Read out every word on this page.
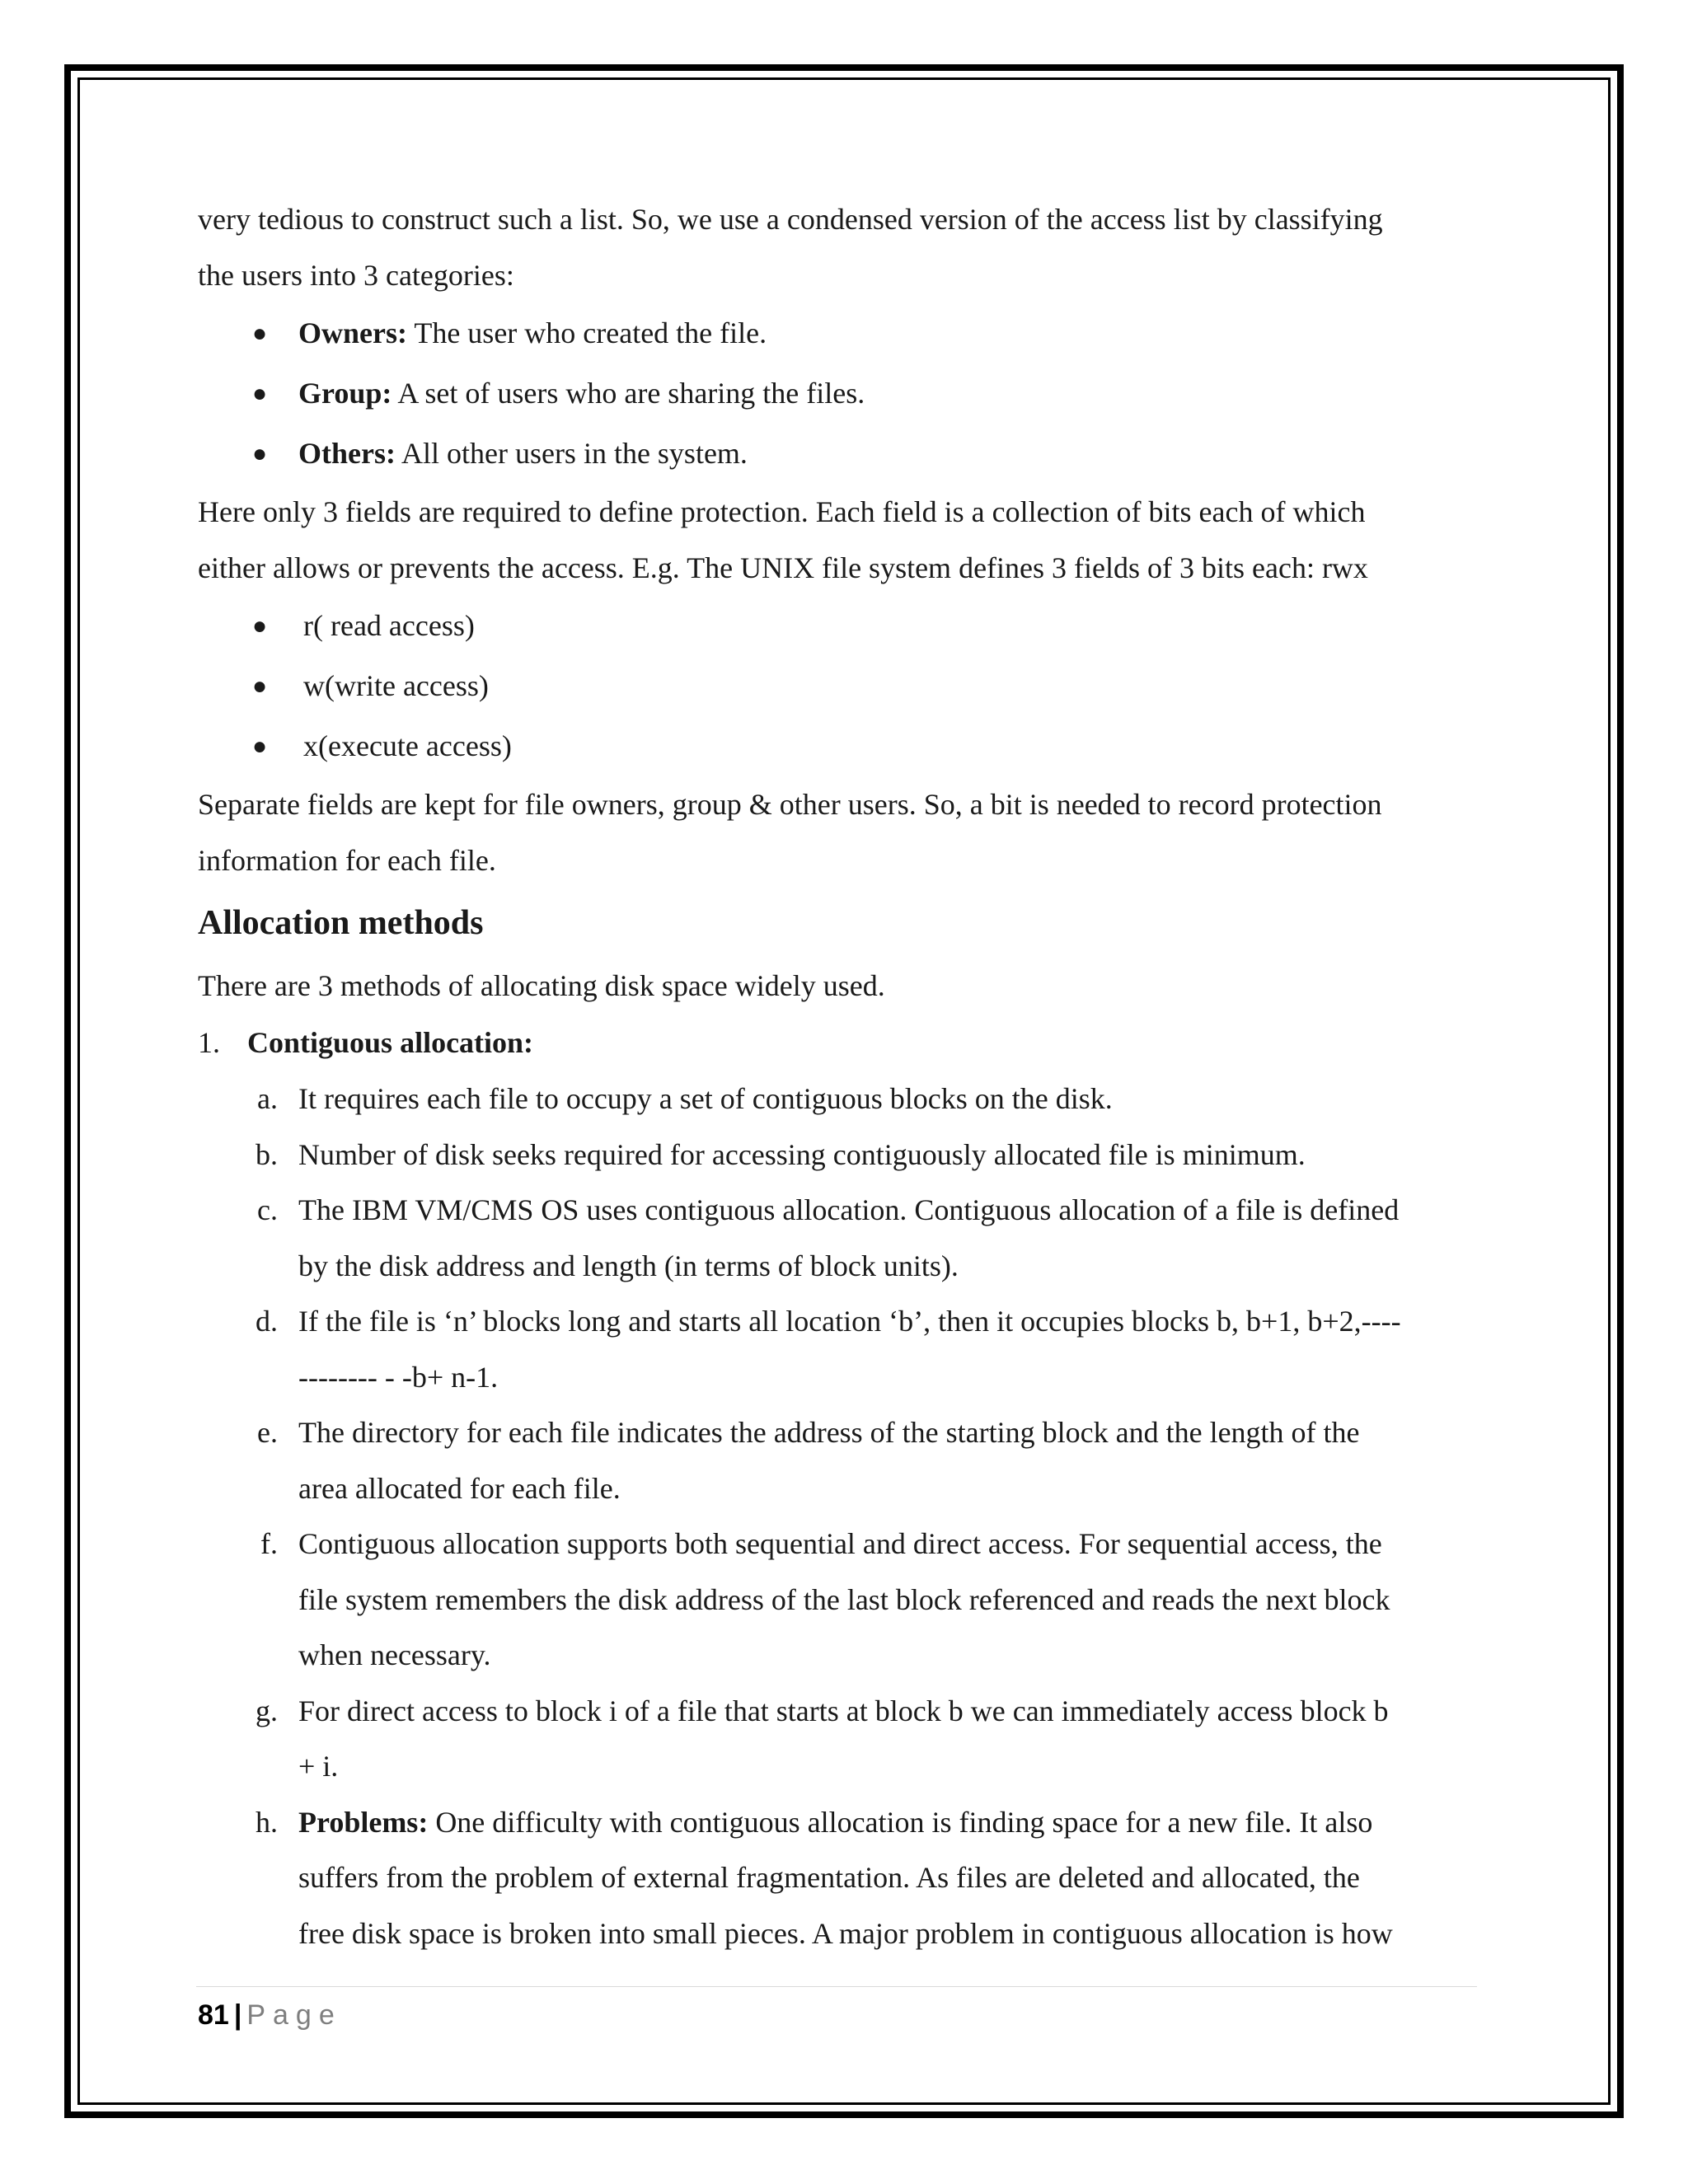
very tedious to construct such a list. So, we use a condensed version of the access list by classifying
the users into 3 categories:

● Owners: The user who created the file.
● Group: A set of users who are sharing the files.
● Others: All other users in the system.

Here only 3 fields are required to define protection. Each field is a collection of bits each of which
either allows or prevents the access. E.g. The UNIX file system defines 3 fields of 3 bits each: rwx

● r( read access)
● w(write access)
● x(execute access)

Separate fields are kept for file owners, group & other users. So, a bit is needed to record protection
information for each file.

Allocation methods

There are 3 methods of allocating disk space widely used.

1. Contiguous allocation:
a. It requires each file to occupy a set of contiguous blocks on the disk.
b. Number of disk seeks required for accessing contiguously allocated file is minimum.
c. The IBM VM/CMS OS uses contiguous allocation. Contiguous allocation of a file is defined
by the disk address and length (in terms of block units).
d. If the file is ‘n’ blocks long and starts all location ‘b’, then it occupies blocks b, b+1, b+2,----
-------- - -b+ n-1.
e. The directory for each file indicates the address of the starting block and the length of the
area allocated for each file.
f. Contiguous allocation supports both sequential and direct access. For sequential access, the
file system remembers the disk address of the last block referenced and reads the next block
when necessary.
g. For direct access to block i of a file that starts at block b we can immediately access block b
+ i.
h. Problems: One difficulty with contiguous allocation is finding space for a new file. It also
suffers from the problem of external fragmentation. As files are deleted and allocated, the
free disk space is broken into small pieces. A major problem in contiguous allocation is how
81 | Page
